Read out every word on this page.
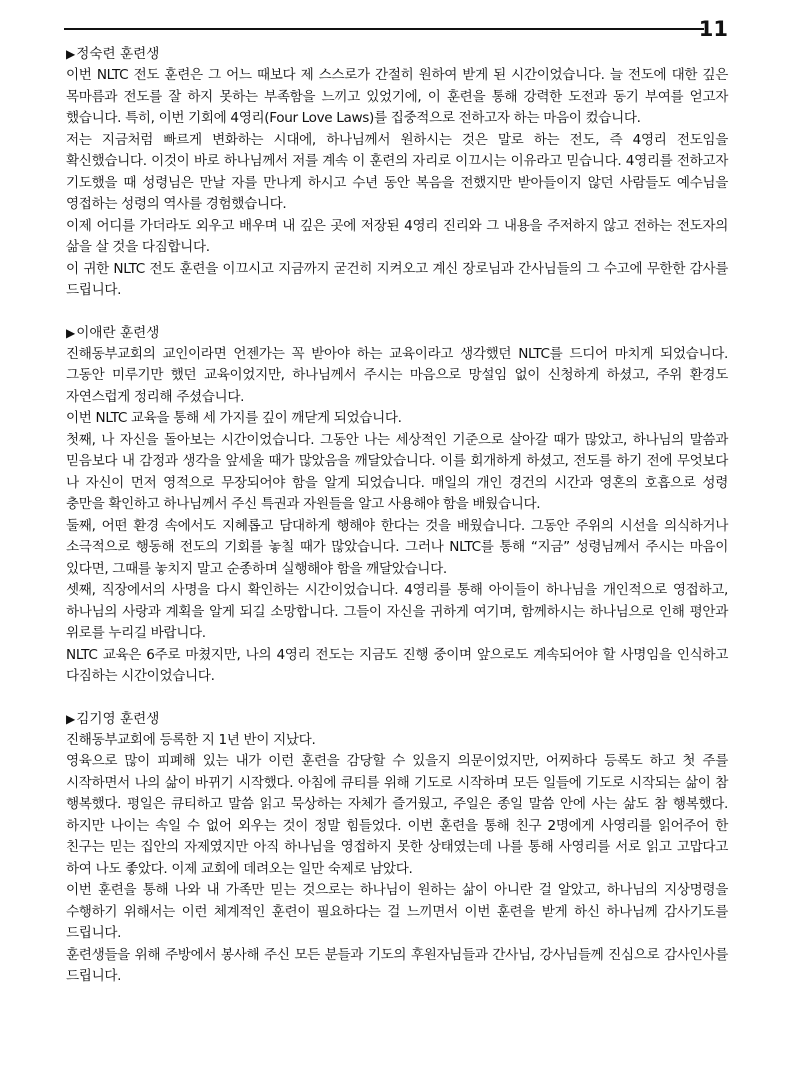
11
▶정숙련 훈련생

이번 NLTC 전도 훈련은 그 어느 때보다 제 스스로가 간절히 원하여 받게 된 시간이었습니다. 늘 전도에 대한 깊은 목마름과 전도를 잘 하지 못하는 부족함을 느끼고 있었기에, 이 훈련을 통해 강력한 도전과 동기 부여를 얻고자 했습니다. 특히, 이번 기회에 4영리(Four Love Laws)를 집중적으로 전하고자 하는 마음이 컸습니다.

저는 지금처럼 빠르게 변화하는 시대에, 하나님께서 원하시는 것은 말로 하는 전도, 즉 4영리 전도임을 확신했습니다. 이것이 바로 하나님께서 저를 계속 이 훈련의 자리로 이끄시는 이유라고 믿습니다. 4영리를 전하고자 기도했을 때 성령님은 만날 자를 만나게 하시고 수년 동안 복음을 전했지만 받아들이지 않던 사람들도 예수님을 영접하는 성령의 역사를 경험했습니다.

이제 어디를 가더라도 외우고 배우며 내 깊은 곳에 저장된 4영리 진리와 그 내용을 주저하지 않고 전하는 전도자의 삶을 살 것을 다짐합니다.

이 귀한 NLTC 전도 훈련을 이끄시고 지금까지 굳건히 지켜오고 계신 장로님과 간사님들의 그 수고에 무한한 감사를 드립니다.

▶이애란 훈련생

진해동부교회의 교인이라면 언젠가는 꼭 받아야 하는 교육이라고 생각했던 NLTC를 드디어 마치게 되었습니다. 그동안 미루기만 했던 교육이었지만, 하나님께서 주시는 마음으로 망설임 없이 신청하게 하셨고, 주위 환경도 자연스럽게 정리해 주셨습니다.

이번 NLTC 교육을 통해 세 가지를 깊이 깨닫게 되었습니다.

첫째, 나 자신을 돌아보는 시간이었습니다. 그동안 나는 세상적인 기준으로 살아갈 때가 많았고, 하나님의 말씀과 믿음보다 내 감정과 생각을 앞세울 때가 많았음을 깨달았습니다. 이를 회개하게 하셨고, 전도를 하기 전에 무엇보다 나 자신이 먼저 영적으로 무장되어야 함을 알게 되었습니다. 매일의 개인 경건의 시간과 영혼의 호흡으로 성령 충만을 확인하고 하나님께서 주신 특권과 자원들을 알고 사용해야 함을 배웠습니다.

둘째, 어떤 환경 속에서도 지혜롭고 담대하게 행해야 한다는 것을 배웠습니다. 그동안 주위의 시선을 의식하거나 소극적으로 행동해 전도의 기회를 놓칠 때가 많았습니다. 그러나 NLTC를 통해 “지금” 성령님께서 주시는 마음이 있다면, 그때를 놓치지 말고 순종하며 실행해야 함을 깨달았습니다.

셋째, 직장에서의 사명을 다시 확인하는 시간이었습니다. 4영리를 통해 아이들이 하나님을 개인적으로 영접하고, 하나님의 사랑과 계획을 알게 되길 소망합니다. 그들이 자신을 귀하게 여기며, 함께하시는 하나님으로 인해 평안과 위로를 누리길 바랍니다.

NLTC 교육은 6주로 마쳤지만, 나의 4영리 전도는 지금도 진행 중이며 앞으로도 계속되어야 할 사명임을 인식하고 다짐하는 시간이었습니다.

▶김기영 훈련생

진해동부교회에 등록한 지 1년 반이 지났다.

영육으로 많이 피폐해 있는 내가 이런 훈련을 감당할 수 있을지 의문이었지만, 어찌하다 등록도 하고 첫 주를 시작하면서 나의 삶이 바뀌기 시작했다. 아침에 큐티를 위해 기도로 시작하며 모든 일들에 기도로 시작되는 삶이 참 행복했다. 평일은 큐티하고 말씀 읽고 묵상하는 자체가 즐거웠고, 주일은 종일 말씀 안에 사는 삶도 참 행복했다. 하지만 나이는 속일 수 없어 외우는 것이 정말 힘들었다. 이번 훈련을 통해 친구 2명에게 사영리를 읽어주어 한 친구는 믿는 집안의 자제였지만 아직 하나님을 영접하지 못한 상태였는데 나를 통해 사영리를 서로 읽고 고맙다고 하여 나도 좋았다. 이제 교회에 데려오는 일만 숙제로 남았다.

이번 훈련을 통해 나와 내 가족만 믿는 것으로는 하나님이 원하는 삶이 아니란 걸 알았고, 하나님의 지상명령을 수행하기 위해서는 이런 체계적인 훈련이 필요하다는 걸 느끼면서 이번 훈련을 받게 하신 하나님께 감사기도를 드립니다.

훈련생들을 위해 주방에서 봉사해 주신 모든 분들과 기도의 후원자님들과 간사님, 강사님들께 진심으로 감사인사를 드립니다.
